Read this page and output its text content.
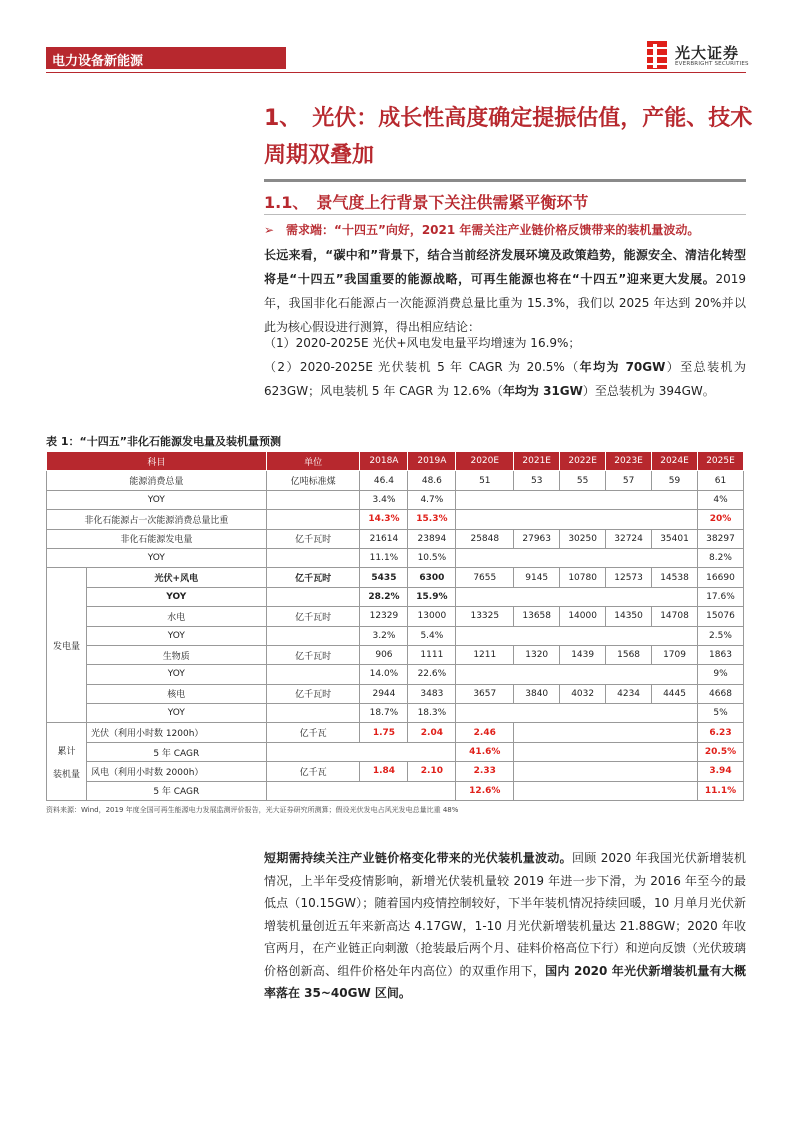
电力设备新能源	光大证券
EVERBRIGHT SECURITIES
1、　光伏：成长性高度确定提振估值，产能、技术周期双叠加
1.1、　景气度上行背景下关注供需紧平衡环节
➢　需求端：“十四五”向好，2021 年需关注产业链价格反馈带来的装机量波动。
长远来看，“碳中和”背景下，结合当前经济发展环境及政策趋势，能源安全、清洁化转型将是“十四五”我国重要的能源战略，可再生能源也将在“十四五”迎来更大发展。2019 年，我国非化石能源占一次能源消费总量比重为 15.3%，我们以 2025 年达到 20%并以此为核心假设进行测算，得出相应结论：
（1）2020-2025E 光伏+风电发电量平均增速为 16.9%；
（2）2020-2025E 光伏装机 5 年 CAGR 为 20.5%（年均为 70GW）至总装机为 623GW；风电装机 5 年 CAGR 为 12.6%（年均为 31GW）至总装机为 394GW。
表 1：“十四五”非化石能源发电量及装机量预测
科目		单位	2018A	2019A	2020E	2021E	2022E	2023E	2024E	2025E
能源消费总量		亿吨标准煤	46.4	48.6	51	53	55	57	59	61
YOY			3.4%	4.7%						4%
非化石能源占一次能源消费总量比重			14.3%	15.3%						20%
非化石能源发电量		亿千瓦时	21614	23894	25848	27963	30250	32724	35401	38297
YOY			11.1%	10.5%						8.2%
发电量	光伏+风电	亿千瓦时	5435	6300	7655	9145	10780	12573	14538	16690
	YOY		28.2%	15.9%						17.6%
	水电	亿千瓦时	12329	13000	13325	13658	14000	14350	14708	15076
	YOY		3.2%	5.4%						2.5%
	生物质	亿千瓦时	906	1111	1211	1320	1439	1568	1709	1863
	YOY		14.0%	22.6%						9%
	核电	亿千瓦时	2944	3483	3657	3840	4032	4234	4445	4668
	YOY		18.7%	18.3%						5%
累计

装机量	光伏（利用小时数 1200h）	亿千瓦	1.75	2.04	2.46					6.23
	5 年 CAGR				41.6%					20.5%
	风电（利用小时数 2000h）	亿千瓦	1.84	2.10	2.33					3.94
	5 年 CAGR				12.6%					11.1%
资料来源：Wind，2019 年度全国可再生能源电力发展监测评价报告，光大证券研究所测算；假设光伏发电占风光发电总量比重 48%
短期需持续关注产业链价格变化带来的光伏装机量波动。回顾 2020 年我国光伏新增装机情况，上半年受疫情影响，新增光伏装机量较 2019 年进一步下滑，为 2016 年至今的最低点（10.15GW）；随着国内疫情控制较好，下半年装机情况持续回暖，10 月单月光伏新增装机量创近五年来新高达 4.17GW，1-10 月光伏新增装机量达 21.88GW；2020 年收官两月，在产业链正向刺激（抢装最后两个月、硅料价格高位下行）和逆向反馈（光伏玻璃价格创新高、组件价格处年内高位）的双重作用下，国内 2020 年光伏新增装机量有大概率落在 35~40GW 区间。
